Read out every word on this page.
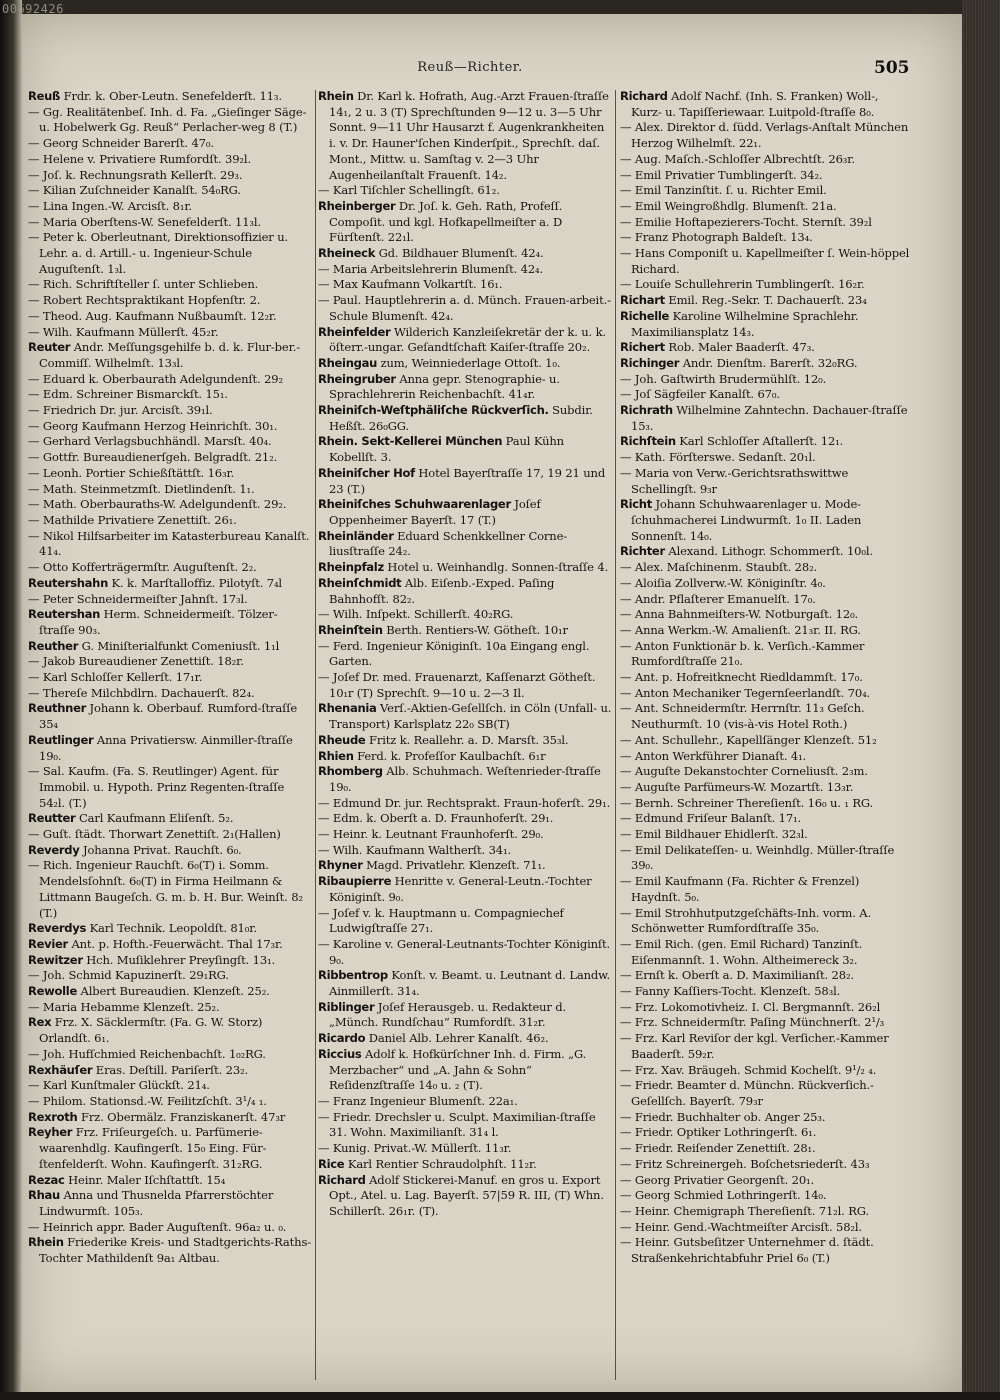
00692426
Reuß—Richter.	505

Reuß Frdr. k. Ober-Leutn. Senefelderſt. 11₃.

— Gg. Realitätenbeſ. Inh. d. Fa. „Gieſinger Säge- u. Hobelwerk Gg. Reuß“ Perlacher-weg 8 (T.)

— Georg Schneider Barerſt. 47₀.

— Helene v. Privatiere Rumfordſt. 39₂l.

— Joſ. k. Rechnungsrath Kellerſt. 29₃.

— Kilian Zuſchneider Kanalſt. 54₀RG.

— Lina Ingen.-W. Arcisſt. 8₁r.

— Maria Oberſtens-W. Senefelderſt. 11₃l.

— Peter k. Oberleutnant, Direktionsoffizier u. Lehr. a. d. Artill.- u. Ingenieur-Schule Auguſtenſt. 1₃l.

— Rich. Schriftſteller ſ. unter Schlieben.

— Robert Rechtspraktikant Hopfenſtr. 2.

— Theod. Aug. Kaufmann Nußbaumſt. 12₂r.

— Wilh. Kaufmann Müllerſt. 45₂r.

Reuter Andr. Meſſungsgehilfe b. d. k. Flur-ber.-Commiſſ. Wilhelmſt. 13₃l.

— Eduard k. Oberbaurath Adelgundenſt. 29₂

— Edm. Schreiner Bismarckſt. 15₁.

— Friedrich Dr. jur. Arcisſt. 39₁l.

— Georg Kaufmann Herzog Heinrichſt. 30₁.

— Gerhard Verlagsbuchhändl. Marsſt. 40₄.

— Gottfr. Bureaudienerſgeh. Belgradſt. 21₂.

— Leonh. Portier Schießſtättſt. 16₃r.

— Math. Steinmetzmſt. Dietlindenſt. 1₁.

— Math. Oberbauraths-W. Adelgundenſt. 29₂.

— Mathilde Privatiere Zenettiſt. 26₁.

— Nikol Hilfsarbeiter im Katasterbureau Kanalſt. 41₄.

— Otto Kofferträgermſtr. Auguſtenſt. 2₂.

Reutershahn K. k. Marſtalloffiz. Pilotyſt. 7₄l

— Peter Schneidermeiſter Jahnſt. 17₃l.

Reutershan Herm. Schneidermeiſt. Tölzer-ſtraſſe 90₃.

Reuther G. Miniſterialfunkt Comeniusſt. 1₁l

— Jakob Bureaudiener Zenettiſt. 18₂r.

— Karl Schloſſer Kellerſt. 17₁r.

— Thereſe Milchbdlrn. Dachauerſt. 82₄.

Reuthner Johann k. Oberbauf. Rumford-ſtraſſe 35₄

Reutlinger Anna Privatiersw. Ainmiller-ſtraſſe 19₀.

— Sal. Kaufm. (Fa. S. Reutlinger) Agent. für Immobil. u. Hypoth. Prinz Regenten-ſtraſſe 54₂l. (T.)

Reutter Carl Kaufmann Eliſenſt. 5₂.

— Guſt. ſtädt. Thorwart Zenettiſt. 2₁(Hallen)

Reverdy Johanna Privat. Rauchſt. 6₀.

— Rich. Ingenieur Rauchſt. 6₀(T) i. Somm. Mendelsſohnſt. 6₀(T) in Firma Heilmann & Littmann Baugeſch. G. m. b. H. Bur. Weinſt. 8₂ (T.)

Reverdys Karl Technik. Leopoldſt. 81₀r.

Revier Ant. p. Hofth.-Feuerwächt. Thal 17₃r.

Rewitzer Hch. Muſiklehrer Preyſingſt. 13₁.

— Joh. Schmid Kapuzinerſt. 29₁RG.

Rewolle Albert Bureaudien. Klenzeſt. 25₂.

— Maria Hebamme Klenzeſt. 25₂.

Rex Frz. X. Säcklermſtr. (Fa. G. W. Storz) Orlandſt. 6₁.

— Joh. Hufſchmied Reichenbachſt. 1₀₂RG.

Rexhäuſer Eras. Deſtill. Pariſerſt. 23₂.

— Karl Kunſtmaler Glückſt. 21₄.

— Philom. Stationsd.-W. Feilitzſchſt. 3¹/₄ ₁.

Rexroth Frz. Obermälz. Franziskanerſt. 47₃r

Reyher Frz. Friſeurgeſch. u. Parfümerie-waarenhdlg. Kaufingerſt. 15₀ Eing. Für-ſtenfelderſt. Wohn. Kaufingerſt. 31₂RG.

Rezac Heinr. Maler Iſchſtattſt. 15₄

Rhau Anna und Thusnelda Pfarrerstöchter Lindwurmſt. 105₃.

— Heinrich appr. Bader Auguſtenſt. 96a₂ u. ₀.

Rhein Friederike Kreis- und Stadtgerichts-Raths-Tochter Mathildenſt 9a₁ Altbau.

Rhein Dr. Karl k. Hofrath, Aug.-Arzt Frauen-ſtraſſe 14₁, 2 u. 3 (T) Sprechſtunden 9—12 u. 3—5 Uhr Sonnt. 9—11 Uhr Hausarzt f. Augenkrankheiten i. v. Dr. Hauner'ſchen Kinderſpit., Sprechſt. daſ. Mont., Mittw. u. Samſtag v. 2—3 Uhr Augenheilanſtalt Frauenſt. 14₂.

— Karl Tiſchler Schellingſt. 61₂.

Rheinberger Dr. Joſ. k. Geh. Rath, Profeſſ. Compoſit. und kgl. Hofkapellmeiſter a. D Fürſtenſt. 22₁l.

Rheineck Gd. Bildhauer Blumenſt. 42₄.

— Maria Arbeitslehrerin Blumenſt. 42₄.

— Max Kaufmann Volkartſt. 16₁.

— Paul. Hauptlehrerin a. d. Münch. Frauen-arbeit.-Schule Blumenſt. 42₄.

Rheinfelder Wilderich Kanzleiſekretär der k. u. k. öſterr.-ungar. Geſandtſchaft Kaiſer-ſtraſſe 20₂.

Rheingau zum, Weinniederlage Ottoſt. 1₀.

Rheingruber Anna gepr. Stenographie- u. Sprachlehrerin Reichenbachſt. 41₄r.

Rheiniſch-Weſtphäliſche Rückverſich. Subdir. Heßſt. 26₀GG.

Rhein. Sekt-Kellerei München Paul Kühn Kobellſt. 3.

Rheiniſcher Hof Hotel Bayerſtraſſe 17, 19 21 und 23 (T.)

Rheiniſches Schuhwaarenlager Joſef Oppenheimer Bayerſt. 17 (T.)

Rheinländer Eduard Schenkkellner Corne-liusſtraſſe 24₂.

Rheinpfalz Hotel u. Weinhandlg. Sonnen-ſtraſſe 4.

Rheinſchmidt Alb. Eiſenb.-Exped. Paſing Bahnhofſt. 82₂.

— Wilh. Inſpekt. Schillerſt. 40₂RG.

Rheinſtein Berth. Rentiers-W. Götheſt. 10₁r

— Ferd. Ingenieur Königinſt. 10a Eingang engl. Garten.

— Joſef Dr. med. Frauenarzt, Kaſſenarzt Götheſt. 10₁r (T) Sprechſt. 9—10 u. 2—3 Il.

Rhenania Verſ.-Aktien-Geſellſch. in Cöln (Unfall- u. Transport) Karlsplatz 22₀ SB(T)

Rheude Fritz k. Reallehr. a. D. Marsſt. 35₃l.

Rhien Ferd. k. Profeſſor Kaulbachſt. 6₁r

Rhomberg Alb. Schuhmach. Weſtenrieder-ſtraſſe 19₀.

— Edmund Dr. jur. Rechtsprakt. Fraun-hoferſt. 29₁.

— Edm. k. Oberſt a. D. Fraunhoferſt. 29₁.

— Heinr. k. Leutnant Fraunhoferſt. 29₀.

— Wilh. Kaufmann Waltherſt. 34₁.

Rhyner Magd. Privatlehr. Klenzeſt. 71₁.

Ribaupierre Henritte v. General-Leutn.-Tochter Königinſt. 9₀.

— Joſef v. k. Hauptmann u. Compagniechef Ludwigſtraſſe 27₁.

— Karoline v. General-Leutnants-Tochter Königinſt. 9₀.

Ribbentrop Konſt. v. Beamt. u. Leutnant d. Landw. Ainmillerſt. 31₄.

Riblinger Joſef Herausgeb. u. Redakteur d. „Münch. Rundſchau“ Rumfordſt. 31₂r.

Ricardo Daniel Alb. Lehrer Kanalſt. 46₂.

Riccius Adolf k. Hofkürſchner Inh. d. Firm. „G. Merzbacher“ und „A. Jahn & Sohn“ Reſidenzſtraſſe 14₀ u. ₂ (T).

— Franz Ingenieur Blumenſt. 22a₁.

— Friedr. Drechsler u. Sculpt. Maximilian-ſtraſſe 31. Wohn. Maximilianſt. 31₄ l.

— Kunig. Privat.-W. Müllerſt. 11₃r.

Rice Karl Rentier Schraudolphſt. 11₂r.

Richard Adolf Stickerei-Manuf. en gros u. Export Opt., Atel. u. Lag. Bayerſt. 57|59 R. III, (T) Whn. Schillerſt. 26₁r. (T).

Richard Adolf Nachf. (Inh. S. Franken) Woll-, Kurz- u. Tapiſſeriewaar. Luitpold-ſtraſſe 8₀.

— Alex. Direktor d. ſüdd. Verlags-Anſtalt München Herzog Wilhelmſt. 22₁.

— Aug. Maſch.-Schloſſer Albrechtſt. 26₃r.

— Emil Privatier Tumblingerſt. 34₂.

— Emil Tanzinſtit. ſ. u. Richter Emil.

— Emil Weingroßhdlg. Blumenſt. 21a.

— Emilie Hoftapezierers-Tocht. Sternſt. 39₂l

— Franz Photograph Baldeſt. 13₄.

— Hans Componiſt u. Kapellmeiſter ſ. Wein-höppel Richard.

— Louiſe Schullehrerin Tumblingerſt. 16₂r.

Richart Emil. Reg.-Sekr. T. Dachauerſt. 23₄

Richelle Karoline Wilhelmine Sprachlehr. Maximiliansplatz 14₃.

Richert Rob. Maler Baaderſt. 47₃.

Richinger Andr. Dienſtm. Barerſt. 32₀RG.

— Joh. Gaſtwirth Brudermühlſt. 12₀.

— Joſ Sägfeiler Kanalſt. 67₀.

Richrath Wilhelmine Zahntechn. Dachauer-ſtraſſe 15₃.

Richſtein Karl Schloſſer Aſtallerſt. 12₁.

— Kath. Förſterswe. Sedanſt. 20₁l.

— Maria von Verw.-Gerichtsrathswittwe Schellingſt. 9₃r

Richt Johann Schuhwaarenlager u. Mode-ſchuhmacherei Lindwurmſt. 1₀ II. Laden Sonnenſt. 14₀.

Richter Alexand. Lithogr. Schommerſt. 10₀l.

— Alex. Maſchinenm. Staubſt. 28₂.

— Aloiſia Zollverw.-W. Königinſtr. 4₀.

— Andr. Pflaſterer Emanuelſt. 17₀.

— Anna Bahnmeiſters-W. Notburgaſt. 12₀.

— Anna Werkm.-W. Amalienſt. 21₃r. II. RG.

— Anton Funktionär b. k. Verſich.-Kammer Rumfordſtraſſe 21₀.

— Ant. p. Hofreitknecht Riedldammſt. 17₀.

— Anton Mechaniker Tegernſeerlandſt. 70₄.

— Ant. Schneidermſtr. Herrnſtr. 11₃ Geſch. Neuthurmſt. 10 (vis-à-vis Hotel Roth.)

— Ant. Schullehr., Kapellſänger Klenzeſt. 51₂

— Anton Werkführer Dianaſt. 4₁.

— Auguſte Dekanstochter Corneliusſt. 2₃m.

— Auguſte Parfümeurs-W. Mozartſt. 13₃r.

— Bernh. Schreiner Thereſienſt. 16₀ u. ₁ RG.

— Edmund Friſeur Balanſt. 17₁.

— Emil Bildhauer Ehidlerſt. 32₃l.

— Emil Delikateſſen- u. Weinhdlg. Müller-ſtraſſe 39₀.

— Emil Kaufmann (Fa. Richter & Frenzel) Haydnſt. 5₀.

— Emil Strohhutputzgeſchäfts-Inh. vorm. A. Schönwetter Rumfordſtraſſe 35₀.

— Emil Rich. (gen. Emil Richard) Tanzinſt. Eiſenmannſt. 1. Wohn. Altheimereck 3₂.

— Ernſt k. Oberſt a. D. Maximilianſt. 28₂.

— Fanny Kaſſiers-Tocht. Klenzeſt. 58₃l.

— Frz. Lokomotivheiz. I. Cl. Bergmannſt. 26₂l

— Frz. Schneidermſtr. Paſing Münchnerſt. 2¹/₃

— Frz. Karl Reviſor der kgl. Verſicher.-Kammer Baaderſt. 59₂r.

— Frz. Xav. Bräugeh. Schmid Kochelſt. 9¹/₂ ₄.

— Friedr. Beamter d. Münchn. Rückverſich.-Geſellſch. Bayerſt. 79₃r

— Friedr. Buchhalter ob. Anger 25₃.

— Friedr. Optiker Lothringerſt. 6₁.

— Friedr. Reiſender Zenettiſt. 28₁.

— Fritz Schreinergeh. Boſchetsriederſt. 43₃

— Georg Privatier Georgenſt. 20₁.

— Georg Schmied Lothringerſt. 14₀.

— Heinr. Chemigraph Thereſienſt. 71₂l. RG.

— Heinr. Gend.-Wachtmeiſter Arcisſt. 58₂l.

— Heinr. Gutsbeſitzer Unternehmer d. ſtädt. Straßenkehrichtabfuhr Priel 6₀ (T.)
